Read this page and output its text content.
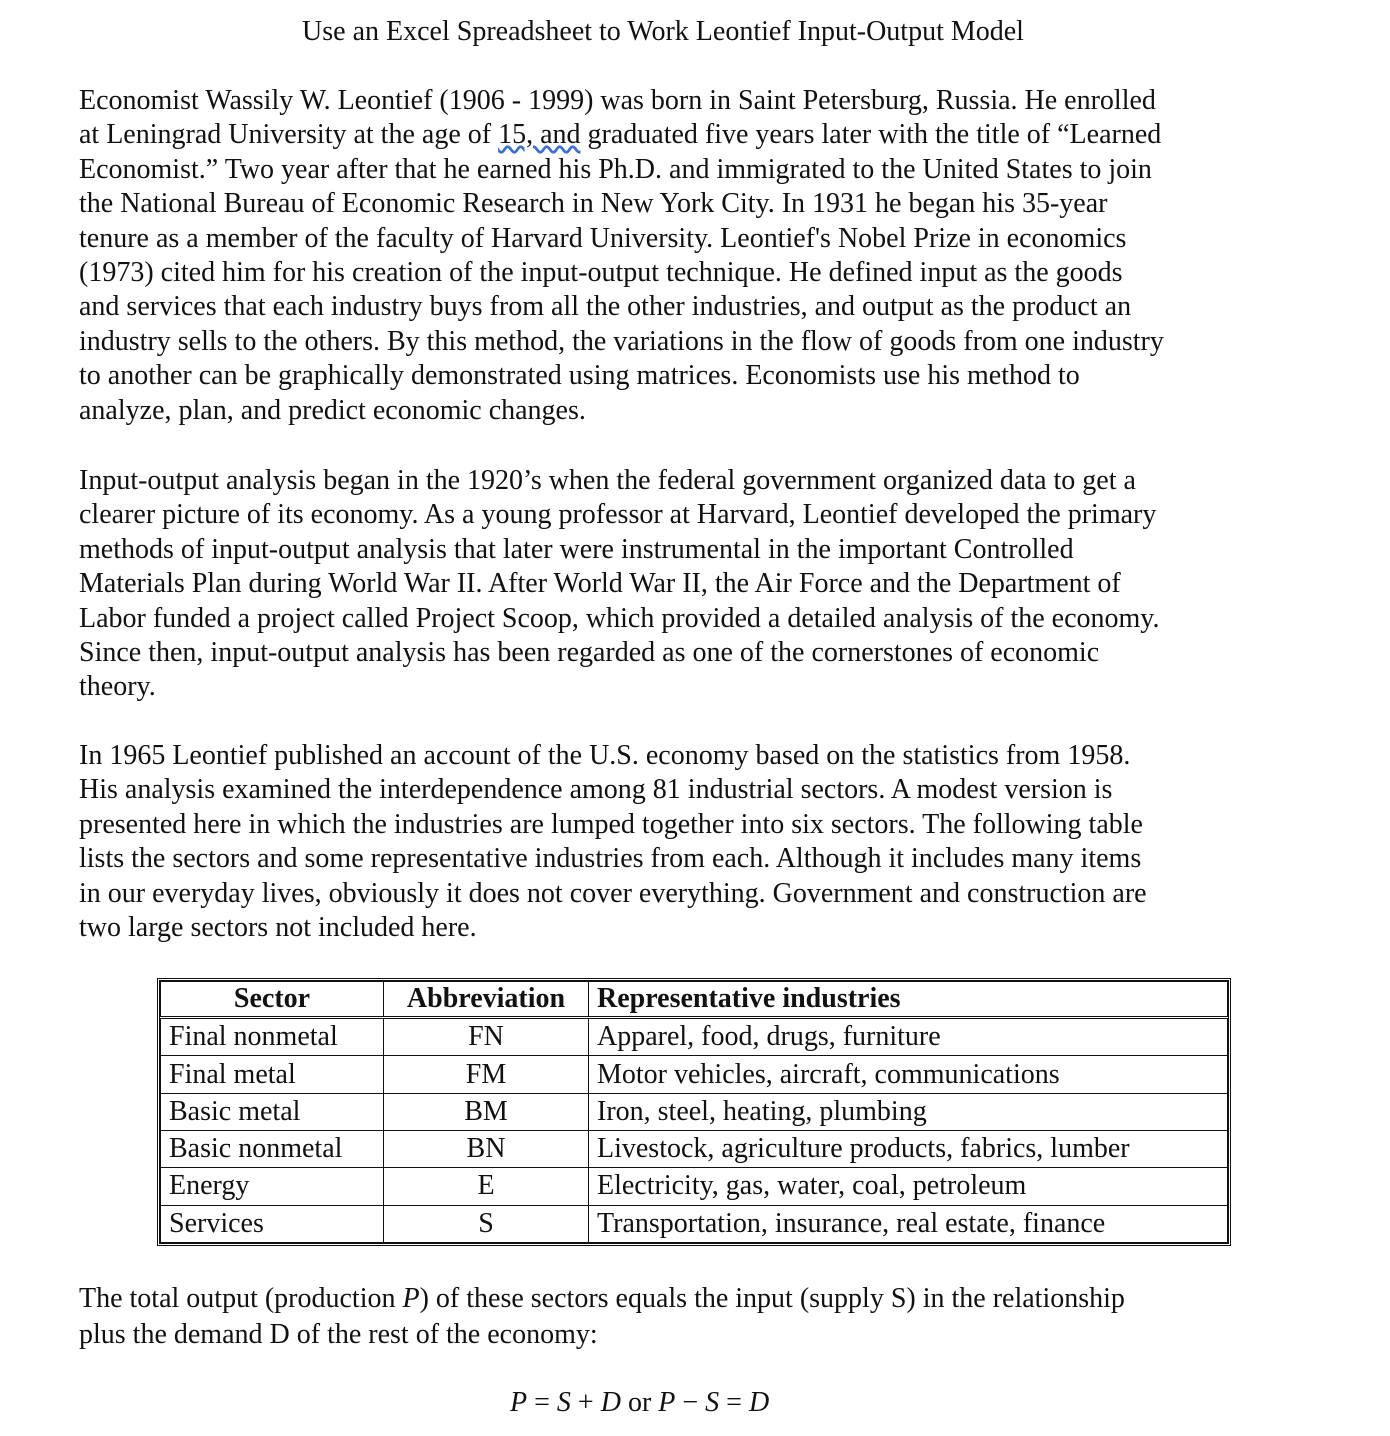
Use an Excel Spreadsheet to Work Leontief Input-Output Model

Economist Wassily W. Leontief (1906 - 1999) was born in Saint Petersburg, Russia. He enrolled
at Leningrad University at the age of 15, and graduated five years later with the title of “Learned
Economist.” Two year after that he earned his Ph.D. and immigrated to the United States to join
the National Bureau of Economic Research in New York City. In 1931 he began his 35-year
tenure as a member of the faculty of Harvard University. Leontief's Nobel Prize in economics
(1973) cited him for his creation of the input-output technique. He defined input as the goods
and services that each industry buys from all the other industries, and output as the product an
industry sells to the others. By this method, the variations in the flow of goods from one industry
to another can be graphically demonstrated using matrices. Economists use his method to
analyze, plan, and predict economic changes.

Input-output analysis began in the 1920’s when the federal government organized data to get a
clearer picture of its economy. As a young professor at Harvard, Leontief developed the primary
methods of input-output analysis that later were instrumental in the important Controlled
Materials Plan during World War II. After World War II, the Air Force and the Department of
Labor funded a project called Project Scoop, which provided a detailed analysis of the economy.
Since then, input-output analysis has been regarded as one of the cornerstones of economic
theory.

In 1965 Leontief published an account of the U.S. economy based on the statistics from 1958.
His analysis examined the interdependence among 81 industrial sectors. A modest version is
presented here in which the industries are lumped together into six sectors. The following table
lists the sectors and some representative industries from each. Although it includes many items
in our everyday lives, obviously it does not cover everything. Government and construction are
two large sectors not included here.

Sector	Abbreviation	Representative industries
Final nonmetal	FN	Apparel, food, drugs, furniture
Final metal	FM	Motor vehicles, aircraft, communications
Basic metal	BM	Iron, steel, heating, plumbing
Basic nonmetal	BN	Livestock, agriculture products, fabrics, lumber
Energy	E	Electricity, gas, water, coal, petroleum
Services	S	Transportation, insurance, real estate, finance

The total output (production P) of these sectors equals the input (supply S) in the relationship
plus the demand D of the rest of the economy:

P = S + D or P − S = D
